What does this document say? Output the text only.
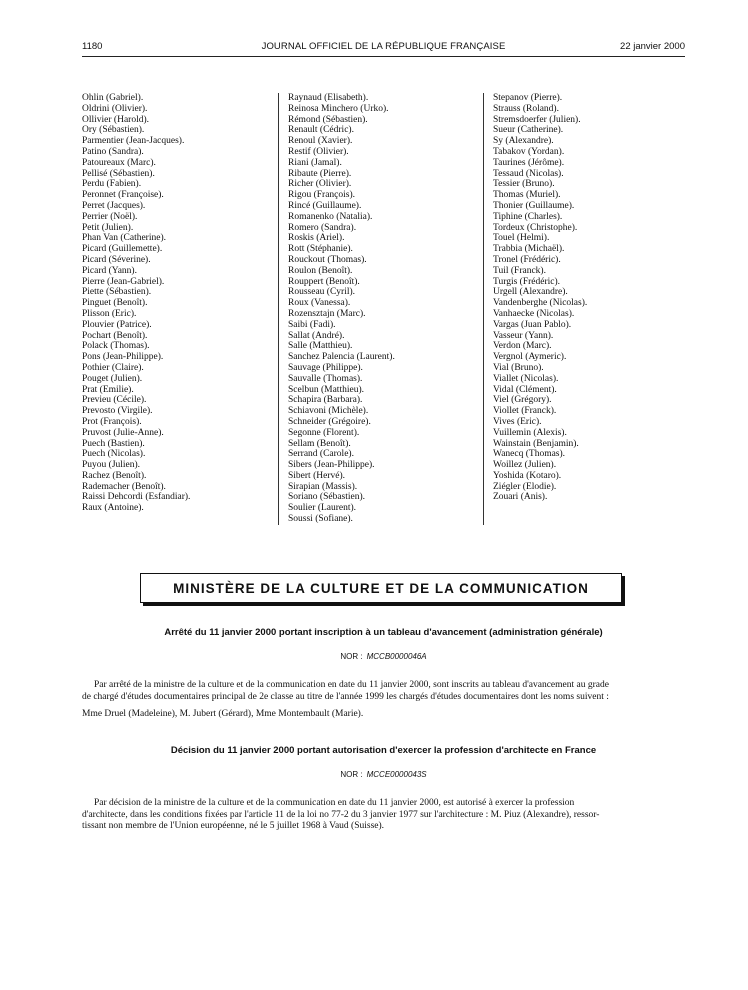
1180	JOURNAL OFFICIEL DE LA RÉPUBLIQUE FRANÇAISE	22 janvier 2000
Ohlin (Gabriel).
Oldrini (Olivier).
Ollivier (Harold).
Ory (Sébastien).
Parmentier (Jean-Jacques).
Patino (Sandra).
Patoureaux (Marc).
Pellisé (Sébastien).
Perdu (Fabien).
Peronnet (Françoise).
Perret (Jacques).
Perrier (Noël).
Petit (Julien).
Phan Van (Catherine).
Picard (Guillemette).
Picard (Séverine).
Picard (Yann).
Pierre (Jean-Gabriel).
Piette (Sébastien).
Pinguet (Benoît).
Plisson (Eric).
Plouvier (Patrice).
Pochart (Benoît).
Polack (Thomas).
Pons (Jean-Philippe).
Pothier (Claire).
Pouget (Julien).
Prat (Emilie).
Previeu (Cécile).
Prevosto (Virgile).
Prot (François).
Pruvost (Julie-Anne).
Puech (Bastien).
Puech (Nicolas).
Puyou (Julien).
Rachez (Benoît).
Rademacher (Benoît).
Raissi Dehcordi (Esfandiar).
Raux (Antoine).
Raynaud (Elisabeth).
Reinosa Minchero (Urko).
Rémond (Sébastien).
Renault (Cédric).
Renoul (Xavier).
Restif (Olivier).
Riani (Jamal).
Ribaute (Pierre).
Richer (Olivier).
Rigou (François).
Rincé (Guillaume).
Romanenko (Natalia).
Romero (Sandra).
Roskis (Ariel).
Rott (Stéphanie).
Rouckout (Thomas).
Roulon (Benoît).
Rouppert (Benoît).
Rousseau (Cyril).
Roux (Vanessa).
Rozensztajn (Marc).
Saibi (Fadi).
Sallat (André).
Salle (Matthieu).
Sanchez Palencia (Laurent).
Sauvage (Philippe).
Sauvalle (Thomas).
Scelbun (Matthieu).
Schapira (Barbara).
Schiavoni (Michèle).
Schneider (Grégoire).
Segonne (Florent).
Sellam (Benoît).
Serrand (Carole).
Sibers (Jean-Philippe).
Sibert (Hervé).
Sirapian (Massis).
Soriano (Sébastien).
Soulier (Laurent).
Soussi (Sofiane).
Stepanov (Pierre).
Strauss (Roland).
Stremsdoerfer (Julien).
Sueur (Catherine).
Sy (Alexandre).
Tabakov (Yordan).
Taurines (Jérôme).
Tessaud (Nicolas).
Tessier (Bruno).
Thomas (Muriel).
Thonier (Guillaume).
Tiphine (Charles).
Tordeux (Christophe).
Touel (Helmi).
Trabbia (Michaël).
Tronel (Frédéric).
Tuil (Franck).
Turgis (Frédéric).
Urgell (Alexandre).
Vandenberghe (Nicolas).
Vanhaecke (Nicolas).
Vargas (Juan Pablo).
Vasseur (Yann).
Verdon (Marc).
Vergnol (Aymeric).
Vial (Bruno).
Viallet (Nicolas).
Vidal (Clément).
Viel (Grégory).
Viollet (Franck).
Vives (Eric).
Vuillemin (Alexis).
Wainstain (Benjamin).
Wanecq (Thomas).
Woillez (Julien).
Yoshida (Kotaro).
Ziégler (Elodie).
Zouari (Anis).
MINISTÈRE DE LA CULTURE ET DE LA COMMUNICATION
Arrêté du 11 janvier 2000 portant inscription à un tableau d'avancement (administration générale)
NOR : MCCB0000046A
Par arrêté de la ministre de la culture et de la communication en date du 11 janvier 2000, sont inscrits au tableau d'avancement au grade
de chargé d'études documentaires principal de 2e classe au titre de l'année 1999 les chargés d'études documentaires dont les noms suivent :
Mme Druel (Madeleine), M. Jubert (Gérard), Mme Montembault (Marie).
Décision du 11 janvier 2000 portant autorisation d'exercer la profession d'architecte en France
NOR : MCCE0000043S
Par décision de la ministre de la culture et de la communication en date du 11 janvier 2000, est autorisé à exercer la profession
d'architecte, dans les conditions fixées par l'article 11 de la loi no 77-2 du 3 janvier 1977 sur l'architecture : M. Piuz (Alexandre), ressor-
tissant non membre de l'Union européenne, né le 5 juillet 1968 à Vaud (Suisse).
